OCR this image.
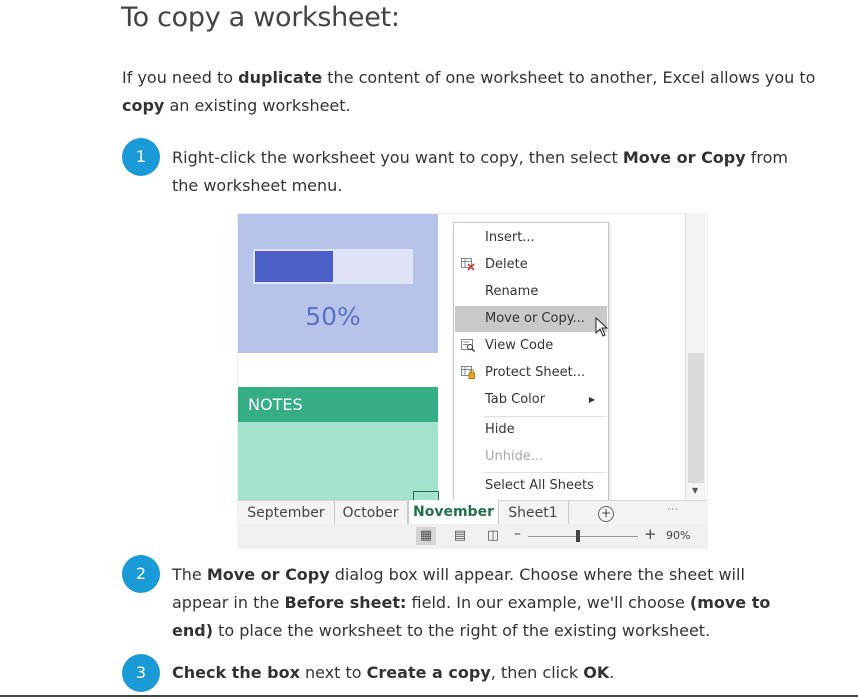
To copy a worksheet:
If you need to duplicate the content of one worksheet to another, Excel allows you to copy an existing worksheet.
1	Right-click the worksheet you want to copy, then select Move or Copy from the worksheet menu.
50%
NOTES
Insert...
Delete
Rename
Move or Copy...
View Code
Protect Sheet...
Tab Color	▶
Hide
Unhide...
Select All Sheets	▼
September	October	November	Sheet1	+	⋮
▦ ▤ ◫ –	+ 90%
2	The Move or Copy dialog box will appear. Choose where the sheet will appear in the Before sheet: field. In our example, we'll choose (move to end) to place the worksheet to the right of the existing worksheet.
3	Check the box next to Create a copy, then click OK.
